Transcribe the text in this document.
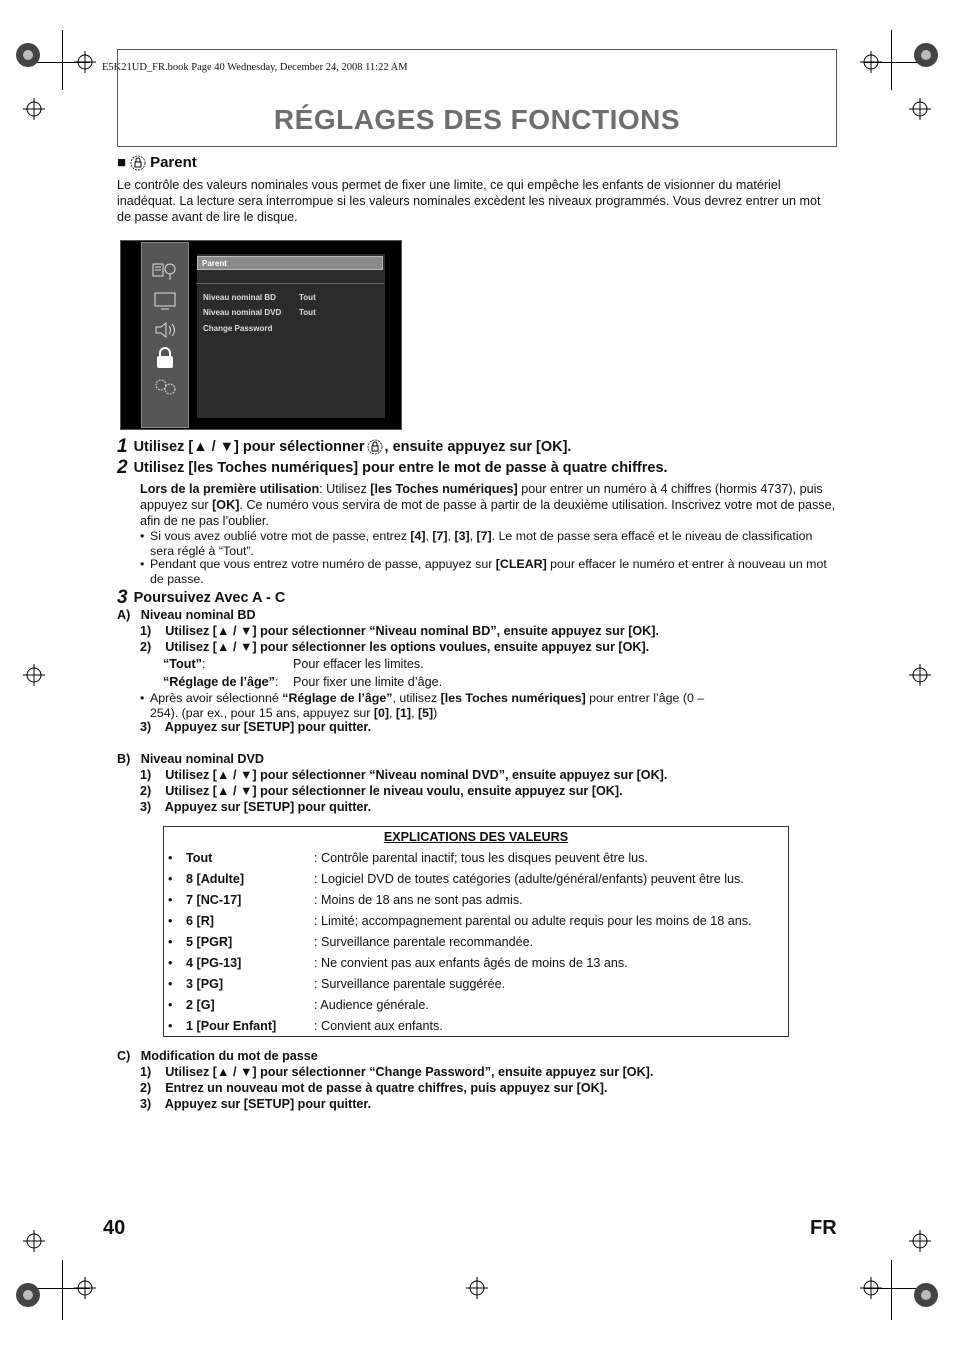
E5K21UD_FR.book Page 40 Wednesday, December 24, 2008 11:22 AM
RÉGLAGES DES FONCTIONS
■ Parent
Le contrôle des valeurs nominales vous permet de fixer une limite, ce qui empêche les enfants de visionner du matériel inadéquat. La lecture sera interrompue si les valeurs nominales excèdent les niveaux programmés. Vous devrez entrer un mot de passe avant de lire le disque.
Parent
Niveau nominal BD	Tout
Niveau nominal DVD Tout
Change Password
1 Utilisez [▲ / ▼] pour sélectionner , ensuite appuyez sur [OK].
2 Utilisez [les Toches numériques] pour entre le mot de passe à quatre chiffres.
Lors de la première utilisation: Utilisez [les Toches numériques] pour entrer un numéro à 4 chiffres (hormis 4737), puis appuyez sur [OK]. Ce numéro vous servira de mot de passe à partir de la deuxième utilisation. Inscrivez votre mot de passe, afin de ne pas l’oublier.
• Si vous avez oublié votre mot de passe, entrez [4], [7], [3], [7]. Le mot de passe sera effacé et le niveau de classification sera réglé à “Tout”.
• Pendant que vous entrez votre numéro de passe, appuyez sur [CLEAR] pour effacer le numéro et entrer à nouveau un mot de passe.
3 Poursuivez Avec A - C
A)   Niveau nominal BD
1)    Utilisez [▲ / ▼] pour sélectionner “Niveau nominal BD”, ensuite appuyez sur [OK].
2)    Utilisez [▲ / ▼] pour sélectionner les options voulues, ensuite appuyez sur [OK].
“Tout”:	Pour effacer les limites.
“Réglage de l’âge”: Pour fixer une limite d’âge.
• Après avoir sélectionné “Réglage de l’âge”, utilisez [les Toches numériques] pour entrer l’âge (0 – 254). (par ex., pour 15 ans, appuyez sur [0], [1], [5])
3)    Appuyez sur [SETUP] pour quitter.
B)   Niveau nominal DVD
1)    Utilisez [▲ / ▼] pour sélectionner “Niveau nominal DVD”, ensuite appuyez sur [OK].
2)    Utilisez [▲ / ▼] pour sélectionner le niveau voulu, ensuite appuyez sur [OK].
3)    Appuyez sur [SETUP] pour quitter.
EXPLICATIONS DES VALEURS		
•	Tout	: Contrôle parental inactif; tous les disques peuvent être lus.
•	8 [Adulte]	: Logiciel DVD de toutes catégories (adulte/général/enfants) peuvent être lus.
•	7 [NC-17]	: Moins de 18 ans ne sont pas admis.
•	6 [R]	: Limité; accompagnement parental ou adulte requis pour les moins de 18 ans.
•	5 [PGR]	: Surveillance parentale recommandée.
•	4 [PG-13]	: Ne convient pas aux enfants âgés de moins de 13 ans.
•	3 [PG]	: Surveillance parentale suggérée.
•	2 [G]	: Audience générale.
•	1 [Pour Enfant]	: Convient aux enfants.
C)   Modification du mot de passe
1)    Utilisez [▲ / ▼] pour sélectionner “Change Password”, ensuite appuyez sur [OK].
2)    Entrez un nouveau mot de passe à quatre chiffres, puis appuyez sur [OK].
3)    Appuyez sur [SETUP] pour quitter.
40	FR
